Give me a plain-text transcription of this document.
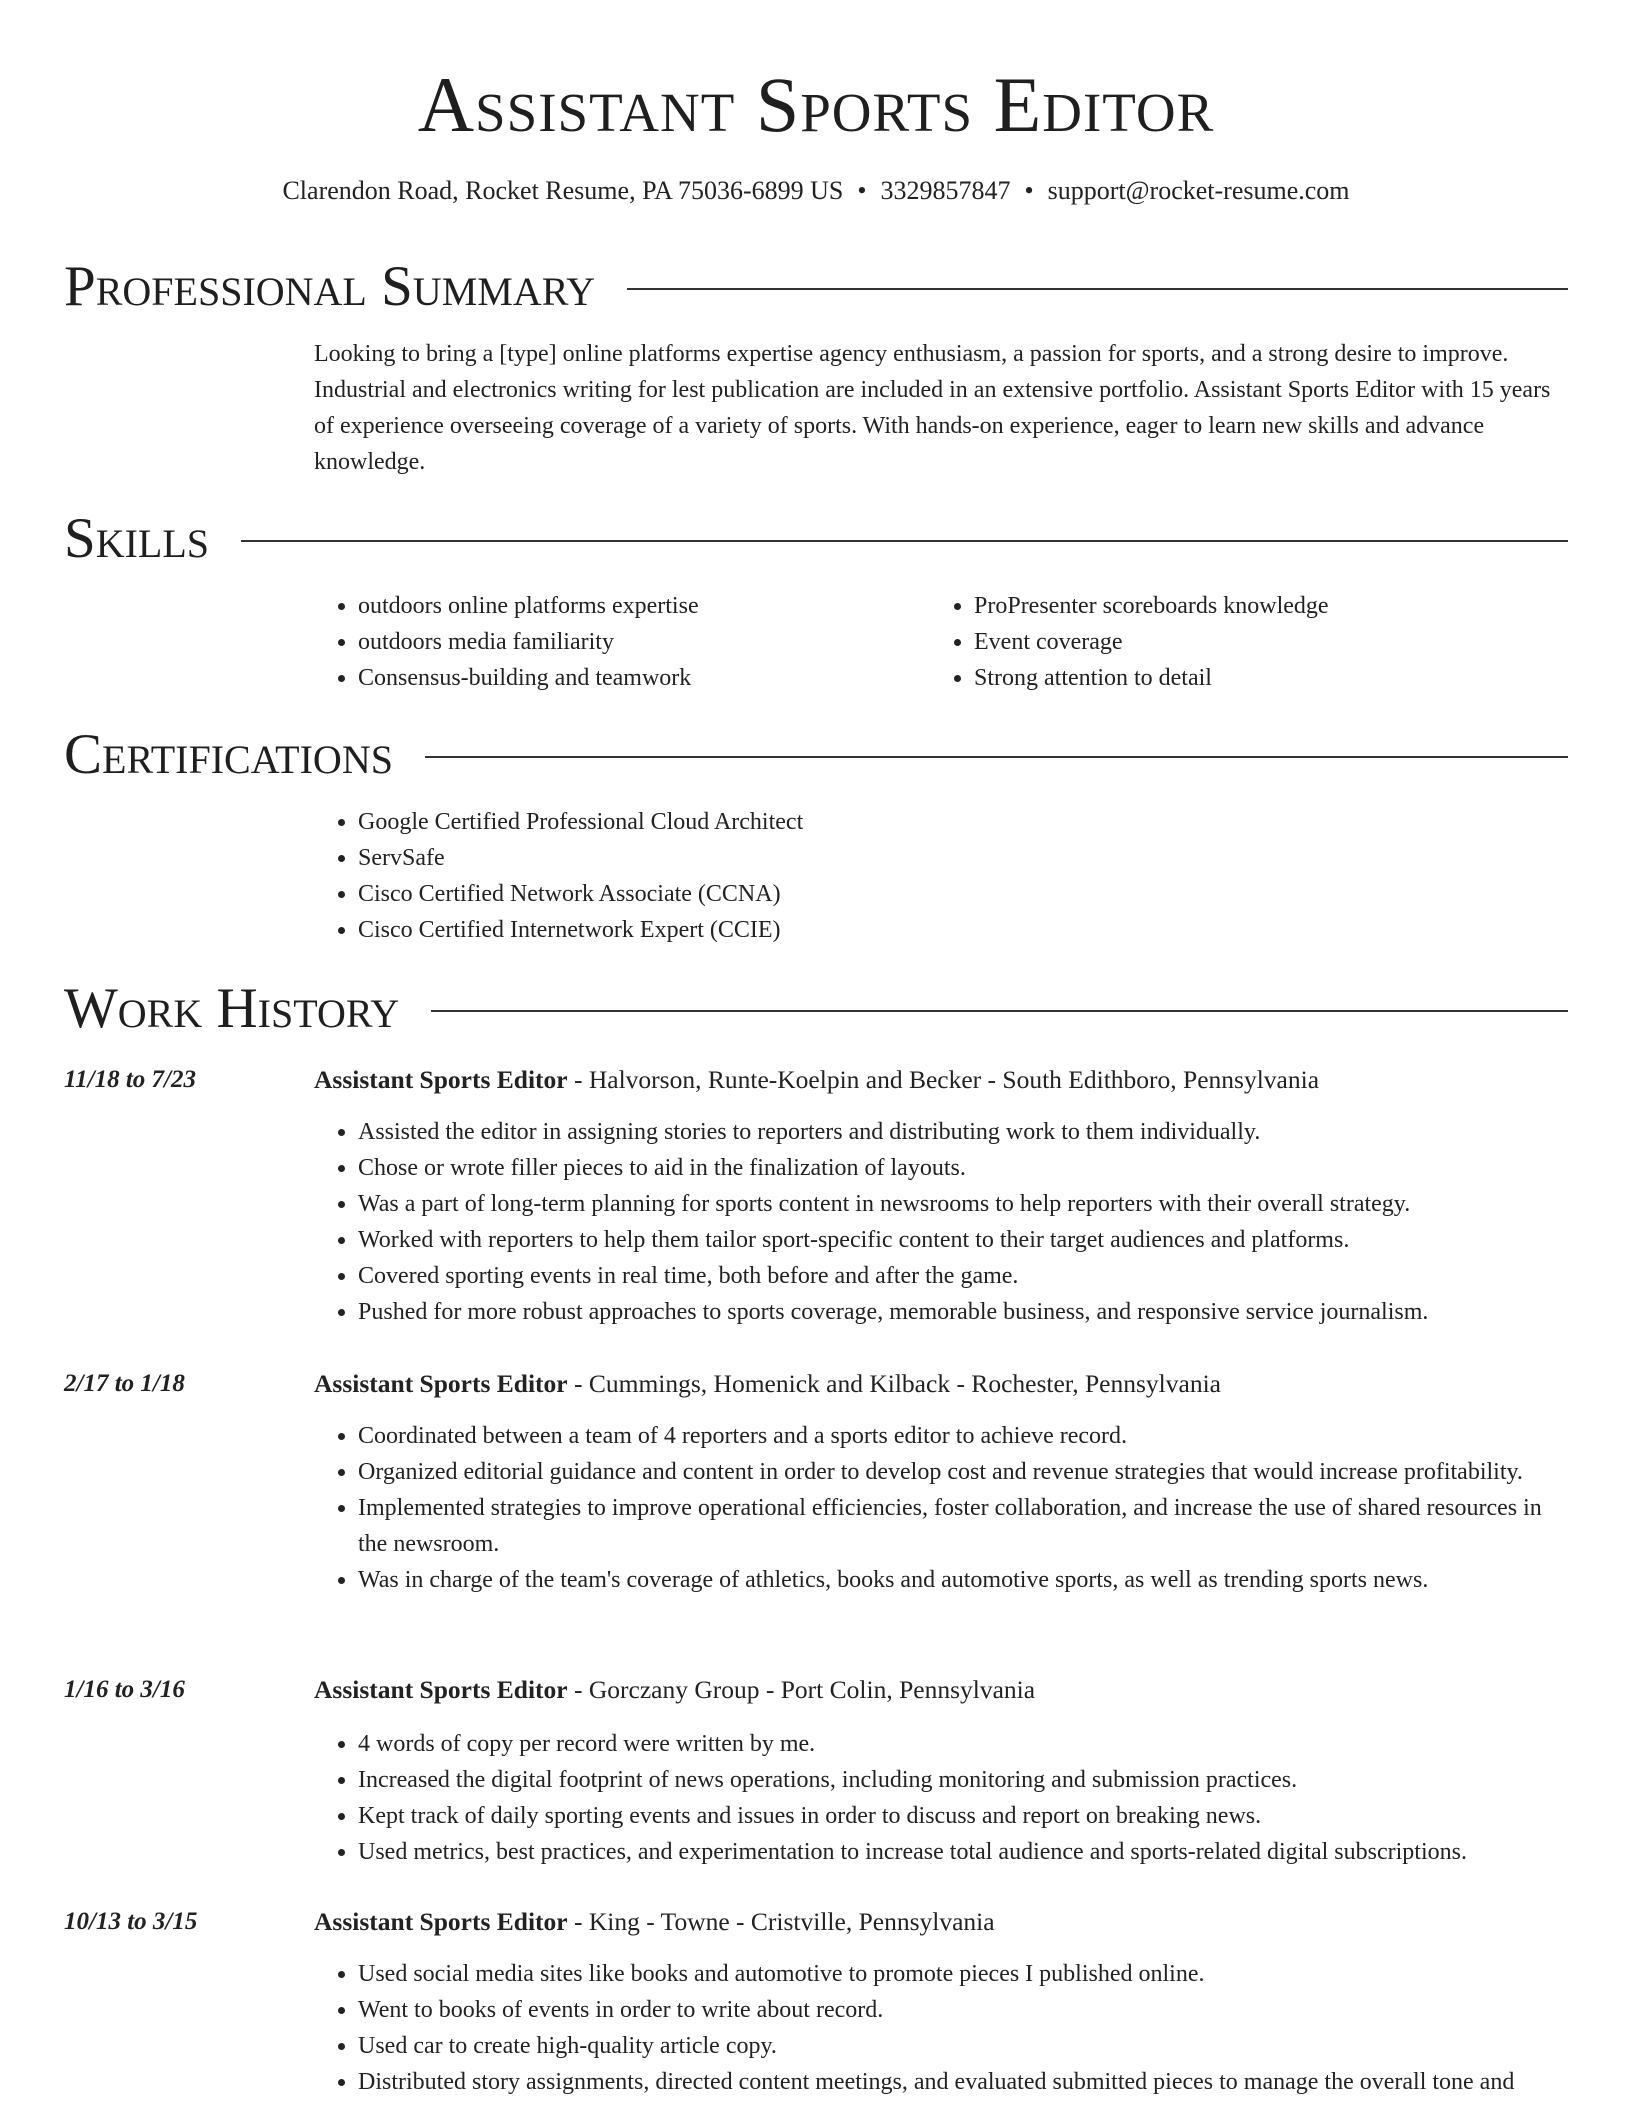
Assistant Sports Editor
Clarendon Road, Rocket Resume, PA 75036-6899 US • 3329857847 • support@rocket-resume.com
Professional Summary
Looking to bring a [type] online platforms expertise agency enthusiasm, a passion for sports, and a strong desire to improve. Industrial and electronics writing for lest publication are included in an extensive portfolio. Assistant Sports Editor with 15 years of experience overseeing coverage of a variety of sports. With hands-on experience, eager to learn new skills and advance knowledge.
Skills
• outdoors online platforms expertise
• outdoors media familiarity
• Consensus-building and teamwork
• ProPresenter scoreboards knowledge
• Event coverage
• Strong attention to detail
Certifications
• Google Certified Professional Cloud Architect
• ServSafe
• Cisco Certified Network Associate (CCNA)
• Cisco Certified Internetwork Expert (CCIE)
Work History
11/18 to 7/23	Assistant Sports Editor - Halvorson, Runte-Koelpin and Becker - South Edithboro, Pennsylvania
• Assisted the editor in assigning stories to reporters and distributing work to them individually.
• Chose or wrote filler pieces to aid in the finalization of layouts.
• Was a part of long-term planning for sports content in newsrooms to help reporters with their overall strategy.
• Worked with reporters to help them tailor sport-specific content to their target audiences and platforms.
• Covered sporting events in real time, both before and after the game.
• Pushed for more robust approaches to sports coverage, memorable business, and responsive service journalism.
2/17 to 1/18	Assistant Sports Editor - Cummings, Homenick and Kilback - Rochester, Pennsylvania
• Coordinated between a team of 4 reporters and a sports editor to achieve record.
• Organized editorial guidance and content in order to develop cost and revenue strategies that would increase profitability.
• Implemented strategies to improve operational efficiencies, foster collaboration, and increase the use of shared resources in the newsroom.
• Was in charge of the team's coverage of athletics, books and automotive sports, as well as trending sports news.
1/16 to 3/16	Assistant Sports Editor - Gorczany Group - Port Colin, Pennsylvania
• 4 words of copy per record were written by me.
• Increased the digital footprint of news operations, including monitoring and submission practices.
• Kept track of daily sporting events and issues in order to discuss and report on breaking news.
• Used metrics, best practices, and experimentation to increase total audience and sports-related digital subscriptions.
10/13 to 3/15	Assistant Sports Editor - King - Towne - Cristville, Pennsylvania
• Used social media sites like books and automotive to promote pieces I published online.
• Went to books of events in order to write about record.
• Used car to create high-quality article copy.
• Distributed story assignments, directed content meetings, and evaluated submitted pieces to manage the overall tone and
